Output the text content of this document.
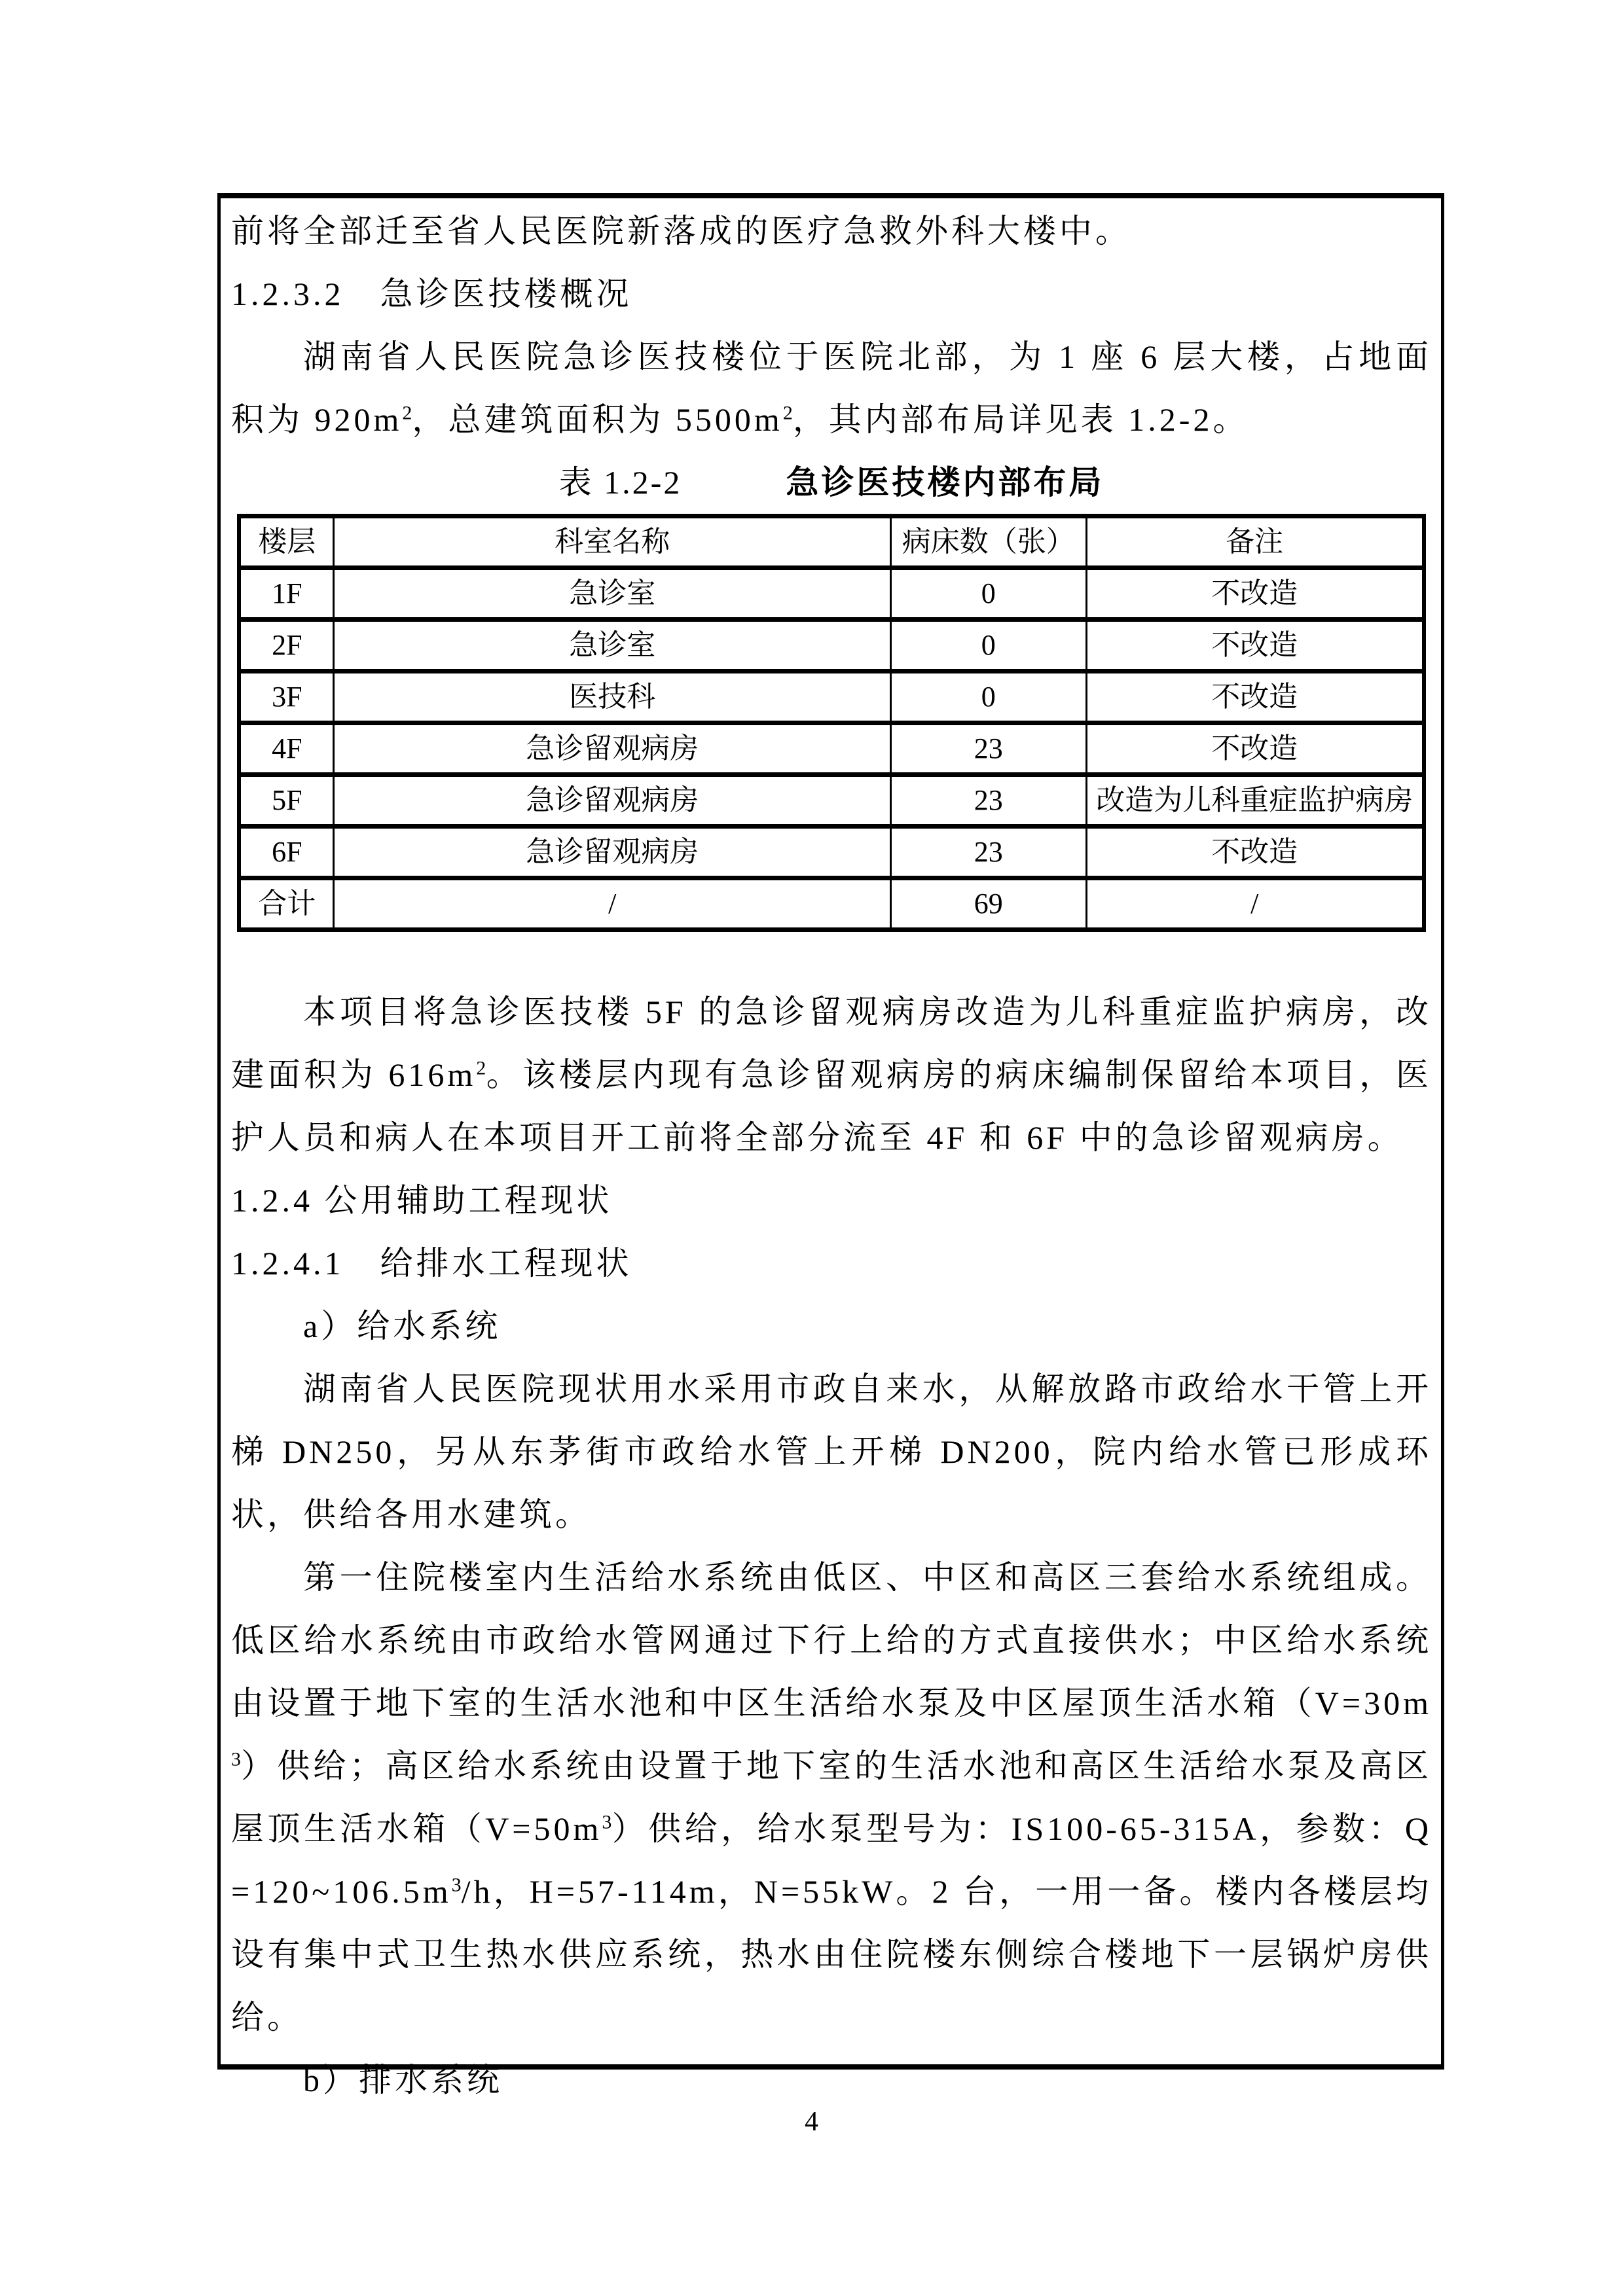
前将全部迁至省人民医院新落成的医疗急救外科大楼中。

1.2.3.2　急诊医技楼概况

湖南省人民医院急诊医技楼位于医院北部，为 1 座 6 层大楼，占地面积为 $920m^2$，总建筑面积为 $5500m^2$，其内部布局详见表 1.2-2。

表 1.2-2　　　	急诊医技楼内部布局

楼层	科室名称	病床数（张）	备注
1F	急诊室	0	不改造
2F	急诊室	0	不改造
3F	医技科	0	不改造
4F	急诊留观病房	23	不改造
5F	急诊留观病房	23	改造为儿科重症监护病房
6F	急诊留观病房	23	不改造
合计	/	69	/

本项目将急诊医技楼 5F 的急诊留观病房改造为儿科重症监护病房，改建面积为 $616m^2$。该楼层内现有急诊留观病房的病床编制保留给本项目，医护人员和病人在本项目开工前将全部分流至 4F 和 6F 中的急诊留观病房。

1.2.4 公用辅助工程现状

1.2.4.1　给排水工程现状

a）给水系统

湖南省人民医院现状用水采用市政自来水，从解放路市政给水干管上开梯 DN250，另从东茅街市政给水管上开梯 DN200，院内给水管已形成环状，供给各用水建筑。

第一住院楼室内生活给水系统由低区、中区和高区三套给水系统组成。低区给水系统由市政给水管网通过下行上给的方式直接供水；中区给水系统由设置于地下室的生活水池和中区生活给水泵及中区屋顶生活水箱$(V=30m^3)$供给；高区给水系统由设置于地下室的生活水池和高区生活给水泵及高区屋顶生活水箱$(V=50m^3)$供给，给水泵型号为：IS100-65-315A，参数：$Q=120\sim 106.5m^3/h$，H=57-114m，N=55kW。2 台，一用一备。楼内各楼层均设有集中式卫生热水供应系统，热水由住院楼东侧综合楼地下一层锅炉房供给。

b）排水系统

4
